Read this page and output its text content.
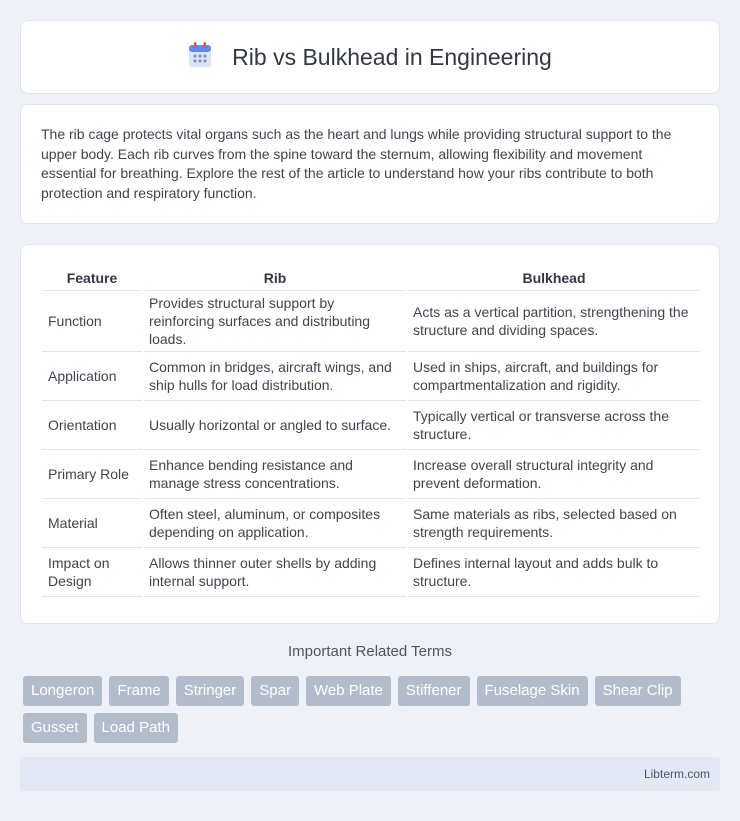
Rib vs Bulkhead in Engineering

The rib cage protects vital organs such as the heart and lungs while providing structural support to the upper body. Each rib curves from the spine toward the sternum, allowing flexibility and movement essential for breathing. Explore the rest of the article to understand how your ribs contribute to both protection and respiratory function.

Feature	Rib	Bulkhead
Function	Provides structural support by reinforcing surfaces and distributing loads.	Acts as a vertical partition, strengthening the structure and dividing spaces.
Application	Common in bridges, aircraft wings, and ship hulls for load distribution.	Used in ships, aircraft, and buildings for compartmentalization and rigidity.
Orientation	Usually horizontal or angled to surface.	Typically vertical or transverse across the structure.
Primary Role	Enhance bending resistance and manage stress concentrations.	Increase overall structural integrity and prevent deformation.
Material	Often steel, aluminum, or composites depending on application.	Same materials as ribs, selected based on strength requirements.
Impact on Design	Allows thinner outer shells by adding internal support.	Defines internal layout and adds bulk to structure.
Important Related Terms
Longeron	Frame	Stringer	Spar	Web Plate	Stiffener	Fuselage Skin	Shear Clip
Gusset	Load Path
Libterm.com
